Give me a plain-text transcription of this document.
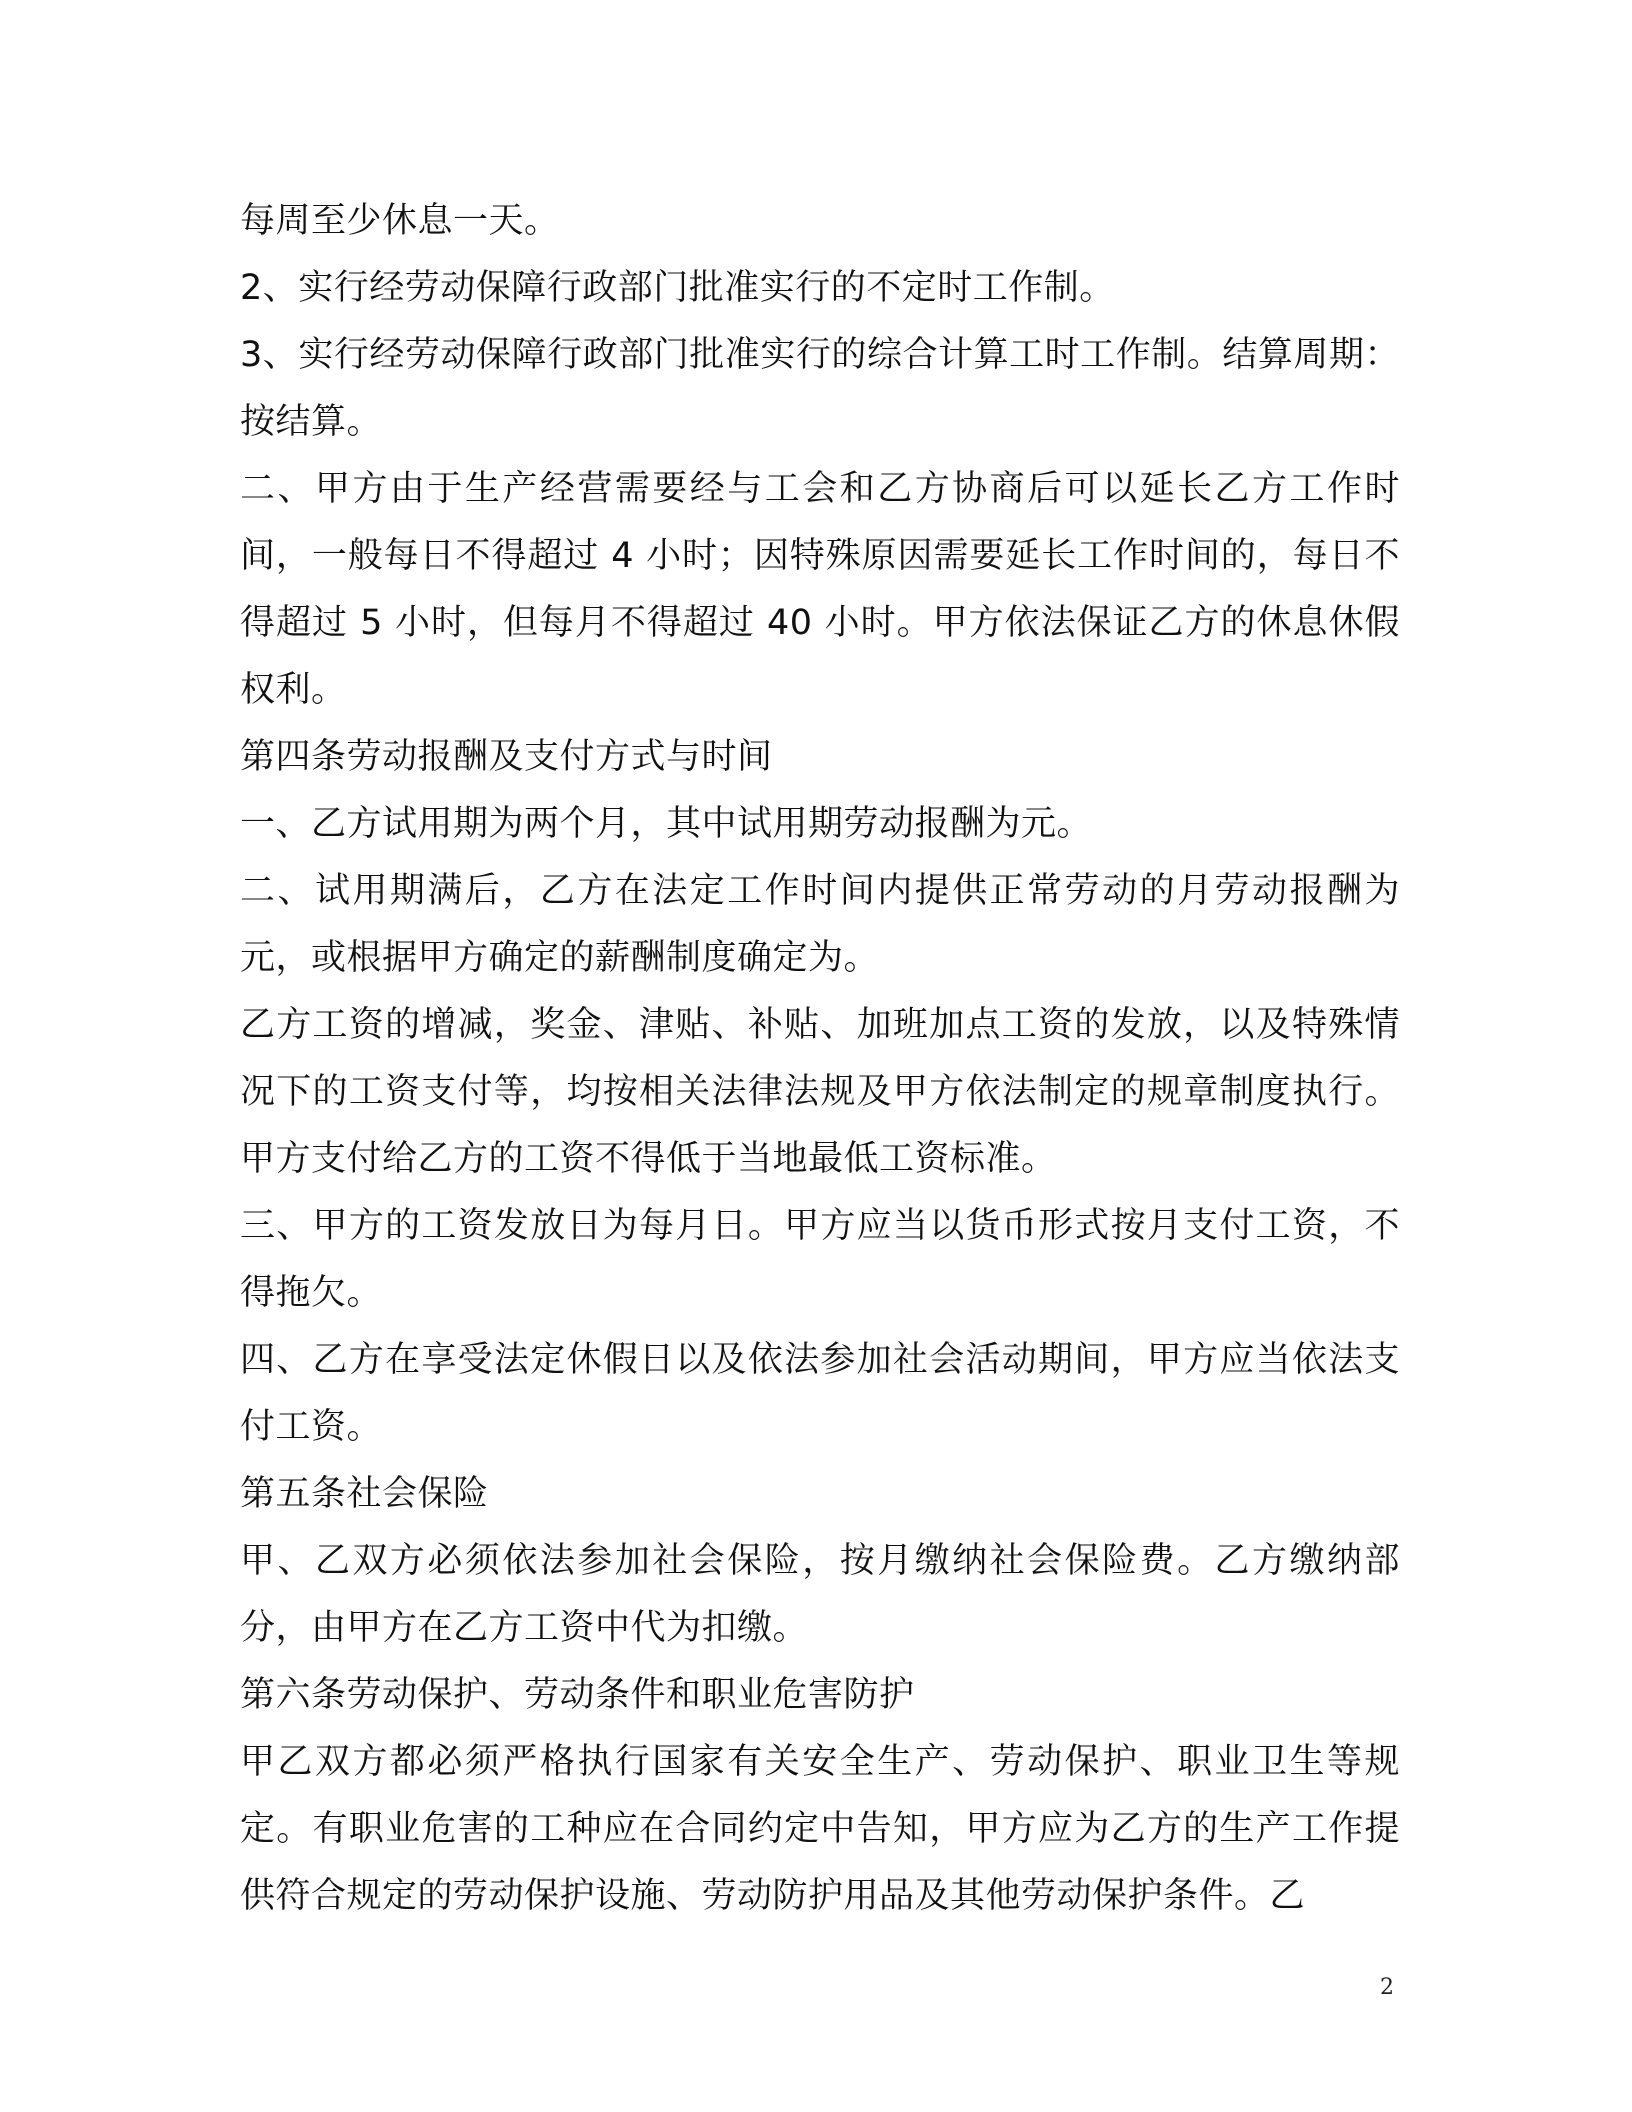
每周至少休息一天。

2、实行经劳动保障行政部门批准实行的不定时工作制。

3、实行经劳动保障行政部门批准实行的综合计算工时工作制。结算周期：按结算。

二、甲方由于生产经营需要经与工会和乙方协商后可以延长乙方工作时间，一般每日不得超过 4 小时；因特殊原因需要延长工作时间的，每日不得超过 5 小时，但每月不得超过 40 小时。甲方依法保证乙方的休息休假权利。

第四条劳动报酬及支付方式与时间

一、乙方试用期为两个月，其中试用期劳动报酬为元。

二、试用期满后，乙方在法定工作时间内提供正常劳动的月劳动报酬为元，或根据甲方确定的薪酬制度确定为。

乙方工资的增减，奖金、津贴、补贴、加班加点工资的发放，以及特殊情况下的工资支付等，均按相关法律法规及甲方依法制定的规章制度执行。甲方支付给乙方的工资不得低于当地最低工资标准。

三、甲方的工资发放日为每月日。甲方应当以货币形式按月支付工资，不得拖欠。

四、乙方在享受法定休假日以及依法参加社会活动期间，甲方应当依法支付工资。

第五条社会保险

甲、乙双方必须依法参加社会保险，按月缴纳社会保险费。乙方缴纳部分，由甲方在乙方工资中代为扣缴。

第六条劳动保护、劳动条件和职业危害防护

甲乙双方都必须严格执行国家有关安全生产、劳动保护、职业卫生等规定。有职业危害的工种应在合同约定中告知，甲方应为乙方的生产工作提供符合规定的劳动保护设施、劳动防护用品及其他劳动保护条件。乙

2
